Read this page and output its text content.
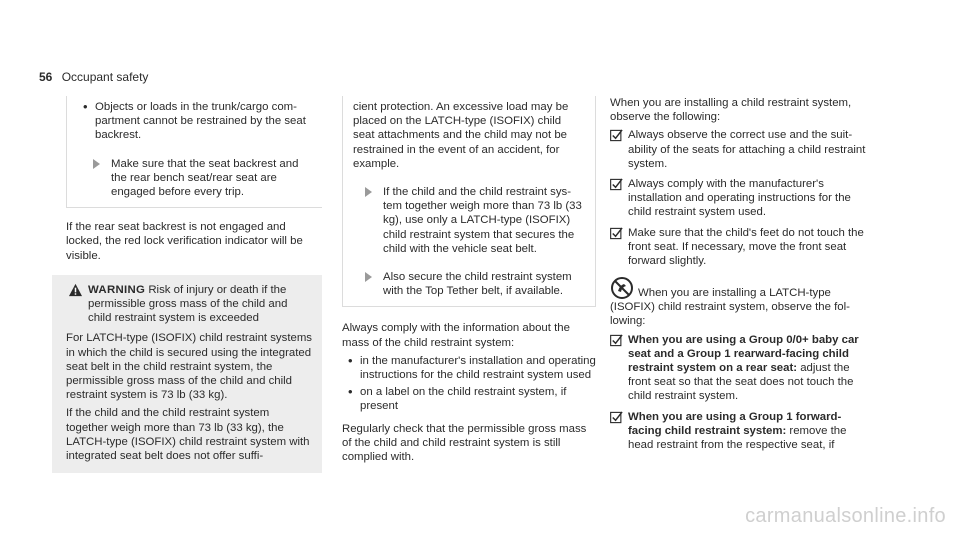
56 Occupant safety
• Objects or loads in the trunk/cargo compartment cannot be restrained by the seat backrest.
Make sure that the seat backrest and the rear bench seat/rear seat are engaged before every trip.

If the rear seat backrest is not engaged and locked, the red lock verification indicator will be visible.

WARNING Risk of injury or death if the permissible gross mass of the child and child restraint system is exceeded

For LATCH-type (ISOFIX) child restraint systems in which the child is secured using the integrated seat belt in the child restraint system, the permissible gross mass of the child and child restraint system is 73 lb (33 kg).

If the child and the child restraint system together weigh more than 73 lb (33 kg), the LATCH-type (ISOFIX) child restraint system with integrated seat belt does not offer suffi-

cient protection. An excessive load may be placed on the LATCH-type (ISOFIX) child seat attachments and the child may not be restrained in the event of an accident, for example.

If the child and the child restraint system together weigh more than 73 lb (33 kg), use only a LATCH-type (ISOFIX) child restraint system that secures the child with the vehicle seat belt.
Also secure the child restraint system with the Top Tether belt, if available.

Always comply with the information about the mass of the child restraint system:

• in the manufacturer's installation and operating instructions for the child restraint system used
• on a label on the child restraint system, if present

Regularly check that the permissible gross mass of the child and child restraint system is still complied with.

When you are installing a child restraint system, observe the following:

Always observe the correct use and the suitability of the seats for attaching a child restraint system.
Always comply with the manufacturer's installation and operating instructions for the child restraint system used.
Make sure that the child's feet do not touch the front seat. If necessary, move the front seat forward slightly.
When you are installing a LATCH-type (ISOFIX) child restraint system, observe the following:
When you are using a Group 0/0+ baby car seat and a Group 1 rearward-facing child restraint system on a rear seat: adjust the front seat so that the seat does not touch the child restraint system.
When you are using a Group 1 forward-facing child restraint system: remove the head restraint from the respective seat, if
carmanualsonline.info
